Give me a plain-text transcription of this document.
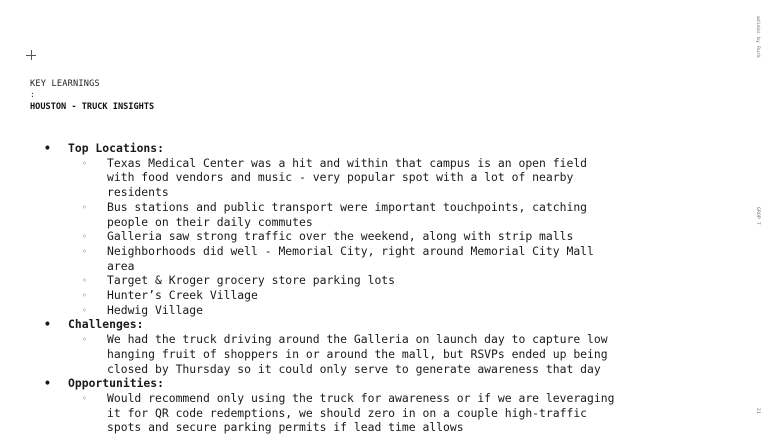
KEY LEARNINGS
:
HOUSTON - TRUCK INSIGHTS
adidas by Rurk
GROP 7
21
• Top Locations:
◦ Texas Medical Center was a hit and within that campus is an open field with food vendors and music - very popular spot with a lot of nearby residents
◦ Bus stations and public transport were important touchpoints, catching people on their daily commutes
◦ Galleria saw strong traffic over the weekend, along with strip malls
◦ Neighborhoods did well - Memorial City, right around Memorial City Mall area
◦ Target & Kroger grocery store parking lots
◦ Hunter’s Creek Village
◦ Hedwig Village
• Challenges:
◦ We had the truck driving around the Galleria on launch day to capture low hanging fruit of shoppers in or around the mall, but RSVPs ended up being closed by Thursday so it could only serve to generate awareness that day
• Opportunities:
◦ Would recommend only using the truck for awareness or if we are leveraging it for QR code redemptions, we should zero in on a couple high-traffic spots and secure parking permits if lead time allows
